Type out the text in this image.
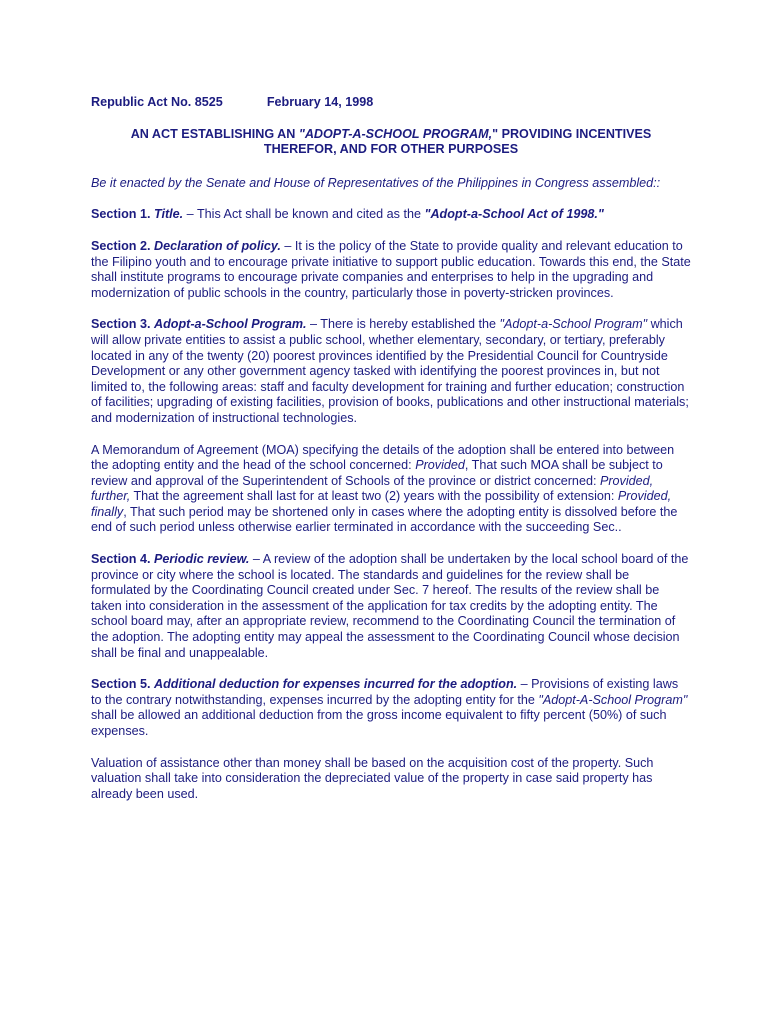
Republic Act No. 8525	February 14, 1998

AN ACT ESTABLISHING AN "ADOPT-A-SCHOOL PROGRAM," PROVIDING INCENTIVES
THEREFOR, AND FOR OTHER PURPOSES

Be it enacted by the Senate and House of Representatives of the Philippines in Congress assembled::

Section 1. Title. – This Act shall be known and cited as the "Adopt-a-School Act of 1998."

Section 2. Declaration of policy. – It is the policy of the State to provide quality and relevant education to the Filipino youth and to encourage private initiative to support public education. Towards this end, the State shall institute programs to encourage private companies and enterprises to help in the upgrading and modernization of public schools in the country, particularly those in poverty-stricken provinces.

Section 3. Adopt-a-School Program. – There is hereby established the "Adopt-a-School Program" which will allow private entities to assist a public school, whether elementary, secondary, or tertiary, preferably located in any of the twenty (20) poorest provinces identified by the Presidential Council for Countryside Development or any other government agency tasked with identifying the poorest provinces in, but not limited to, the following areas: staff and faculty development for training and further education; construction of facilities; upgrading of existing facilities, provision of books, publications and other instructional materials; and modernization of instructional technologies.

A Memorandum of Agreement (MOA) specifying the details of the adoption shall be entered into between the adopting entity and the head of the school concerned: Provided, That such MOA shall be subject to review and approval of the Superintendent of Schools of the province or district concerned: Provided, further, That the agreement shall last for at least two (2) years with the possibility of extension: Provided, finally, That such period may be shortened only in cases where the adopting entity is dissolved before the end of such period unless otherwise earlier terminated in accordance with the succeeding Sec..

Section 4. Periodic review. – A review of the adoption shall be undertaken by the local school board of the province or city where the school is located. The standards and guidelines for the review shall be formulated by the Coordinating Council created under Sec. 7 hereof. The results of the review shall be taken into consideration in the assessment of the application for tax credits by the adopting entity. The school board may, after an appropriate review, recommend to the Coordinating Council the termination of the adoption. The adopting entity may appeal the assessment to the Coordinating Council whose decision shall be final and unappealable.

Section 5. Additional deduction for expenses incurred for the adoption. – Provisions of existing laws to the contrary notwithstanding, expenses incurred by the adopting entity for the "Adopt-A-School Program" shall be allowed an additional deduction from the gross income equivalent to fifty percent (50%) of such expenses.

Valuation of assistance other than money shall be based on the acquisition cost of the property. Such valuation shall take into consideration the depreciated value of the property in case said property has already been used.
